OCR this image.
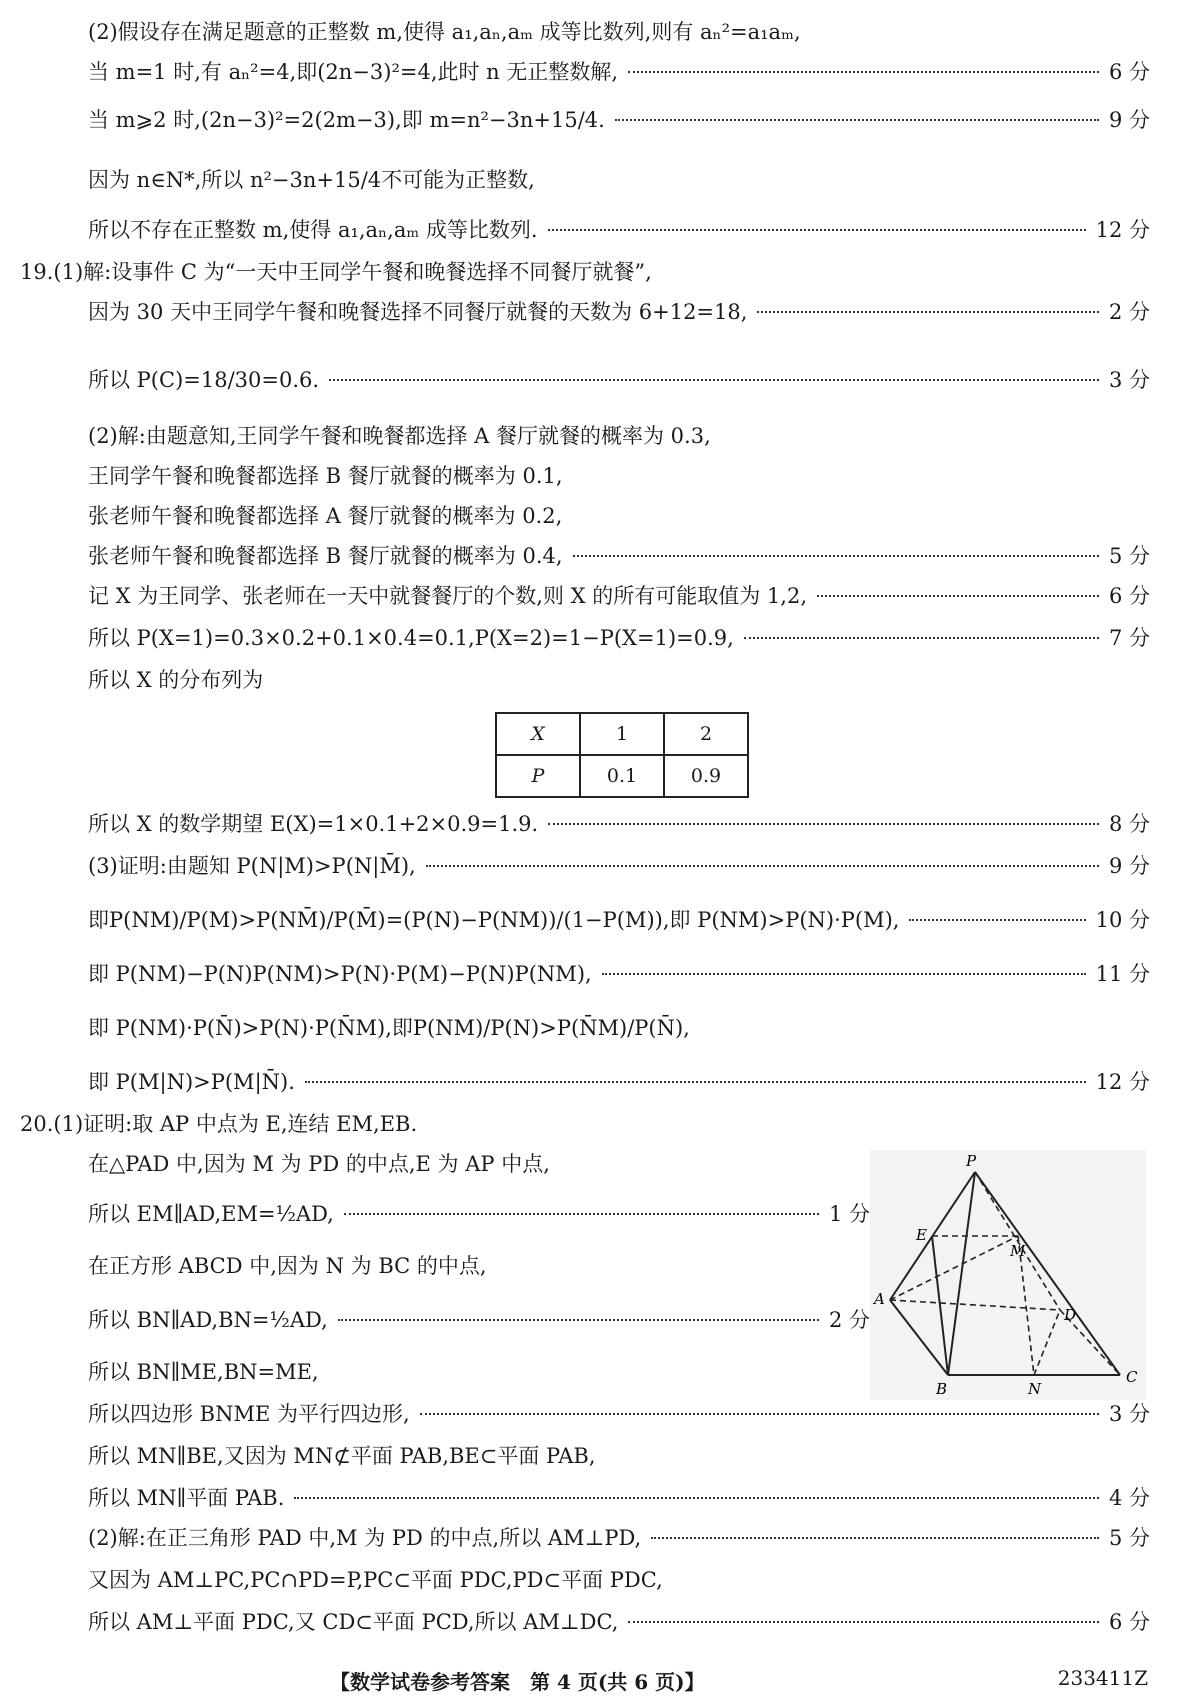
(2)假设存在满足题意的正整数 m,使得 a₁,aₙ,aₘ 成等比数列,则有 aₙ²=a₁aₘ,
当 m=1 时,有 aₙ²=4,即(2n−3)²=4,此时 n 无正整数解,	6 分
当 m⩾2 时,(2n−3)²=2(2m−3),即 m=n²−3n+15/4.	9 分
因为 n∈N*,所以 n²−3n+15/4不可能为正整数,
所以不存在正整数 m,使得 a₁,aₙ,aₘ 成等比数列.	12 分
19.(1)解:设事件 C 为“一天中王同学午餐和晚餐选择不同餐厅就餐”,
因为 30 天中王同学午餐和晚餐选择不同餐厅就餐的天数为 6+12=18,	2 分
所以 P(C)=18/30=0.6.	3 分
(2)解:由题意知,王同学午餐和晚餐都选择 A 餐厅就餐的概率为 0.3,
王同学午餐和晚餐都选择 B 餐厅就餐的概率为 0.1,
张老师午餐和晚餐都选择 A 餐厅就餐的概率为 0.2,
张老师午餐和晚餐都选择 B 餐厅就餐的概率为 0.4,	5 分
记 X 为王同学、张老师在一天中就餐餐厅的个数,则 X 的所有可能取值为 1,2,	6 分
所以 P(X=1)=0.3×0.2+0.1×0.4=0.1,P(X=2)=1−P(X=1)=0.9,	7 分
所以 X 的分布列为
X	1	2
P	0.1	0.9
所以 X 的数学期望 E(X)=1×0.1+2×0.9=1.9.	8 分
(3)证明:由题知 P(N|M)>P(N|M̄),	9 分
即P(NM)/P(M)>P(NM̄)/P(M̄)=(P(N)−P(NM))/(1−P(M)),即 P(NM)>P(N)·P(M),	10 分
即 P(NM)−P(N)P(NM)>P(N)·P(M)−P(N)P(NM),	11 分
即 P(NM)·P(N̄)>P(N)·P(N̄M),即P(NM)/P(N)>P(N̄M)/P(N̄),
即 P(M|N)>P(M|N̄).	12 分
20.(1)证明:取 AP 中点为 E,连结 EM,EB.
在△PAD 中,因为 M 为 PD 的中点,E 为 AP 中点,
所以 EM∥AD,EM=½AD,	1 分
在正方形 ABCD 中,因为 N 为 BC 的中点,
所以 BN∥AD,BN=½AD,	2 分
所以 BN∥ME,BN=ME,
所以四边形 BNME 为平行四边形,	3 分
所以 MN∥BE,又因为 MN⊄平面 PAB,BE⊂平面 PAB,
所以 MN∥平面 PAB.	4 分
(2)解:在正三角形 PAD 中,M 为 PD 的中点,所以 AM⊥PD,	5 分
又因为 AM⊥PC,PC∩PD=P,PC⊂平面 PDC,PD⊂平面 PDC,
所以 AM⊥平面 PDC,又 CD⊂平面 PCD,所以 AM⊥DC,	6 分
P
E
M
A
D
B	N
C
【数学试卷参考答案　第 4 页(共 6 页)】	233411Z
